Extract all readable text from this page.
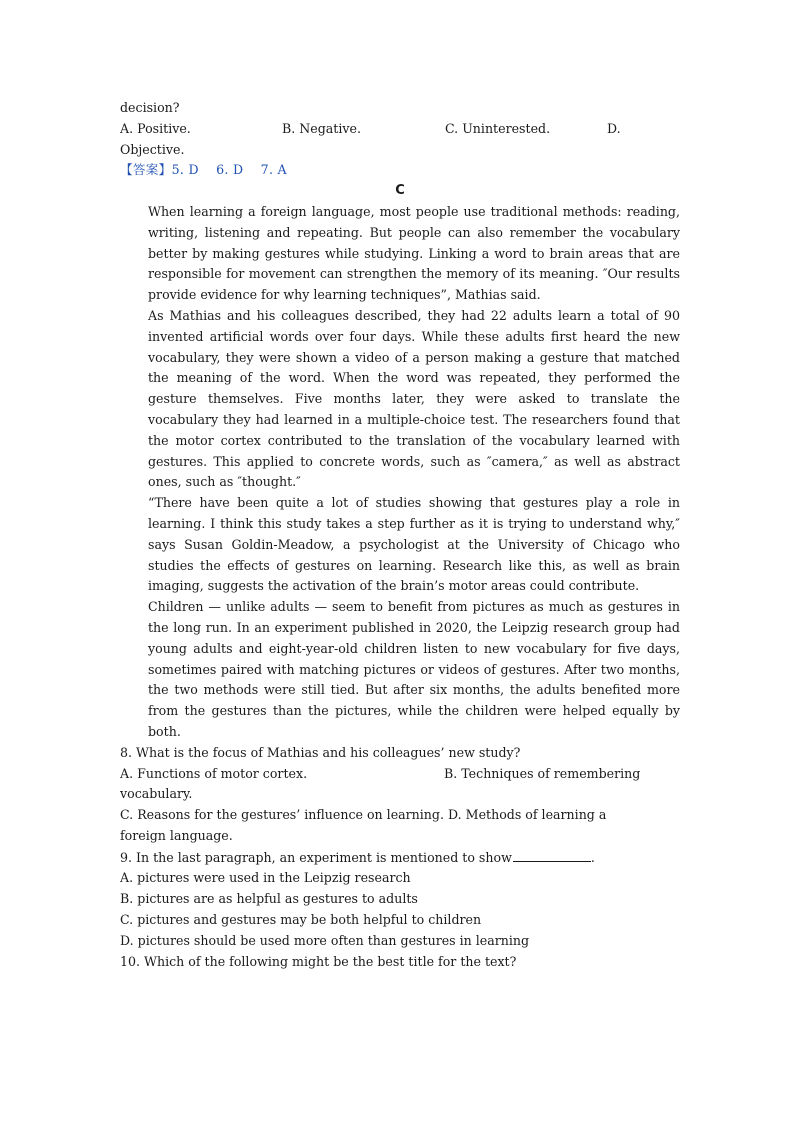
decision?
A. Positive.	B. Negative.	C. Uninterested.	D.
Objective.
【答案】5. D    6. D    7. A
C

When learning a foreign language, most people use traditional methods: reading, writing, listening and repeating. But people can also remember the vocabulary better by making gestures while studying. Linking a word to brain areas that are responsible for movement can strengthen the memory of its meaning. ″Our results provide evidence for why learning techniques”, Mathias said.

As Mathias and his colleagues described, they had 22 adults learn a total of 90 invented artificial words over four days. While these adults first heard the new vocabulary, they were shown a video of a person making a gesture that matched the meaning of the word. When the word was repeated, they performed the gesture themselves. Five months later, they were asked to translate the vocabulary they had learned in a multiple-choice test. The researchers found that the motor cortex contributed to the translation of the vocabulary learned with gestures. This applied to concrete words, such as ″camera,″ as well as abstract ones, such as ″thought.″

“There have been quite a lot of studies showing that gestures play a role in learning. I think this study takes a step further as it is trying to understand why,″ says Susan Goldin-Meadow, a psychologist at the University of Chicago who studies the effects of gestures on learning. Research like this, as well as brain imaging, suggests the activation of the brain’s motor areas could contribute.

Children — unlike adults — seem to benefit from pictures as much as gestures in the long run. In an experiment published in 2020, the Leipzig research group had young adults and eight-year-old children listen to new vocabulary for five days, sometimes paired with matching pictures or videos of gestures. After two months, the two methods were still tied. But after six months, the adults benefited more from the gestures than the pictures, while the children were helped equally by both.

8. What is the focus of Mathias and his colleagues’ new study?
A. Functions of motor cortex.	B. Techniques of remembering
vocabulary.
C. Reasons for the gestures’ influence on learning. D. Methods of learning a
foreign language.
9. In the last paragraph, an experiment is mentioned to show	.
A. pictures were used in the Leipzig research
B. pictures are as helpful as gestures to adults
C. pictures and gestures may be both helpful to children
D. pictures should be used more often than gestures in learning
10. Which of the following might be the best title for the text?
